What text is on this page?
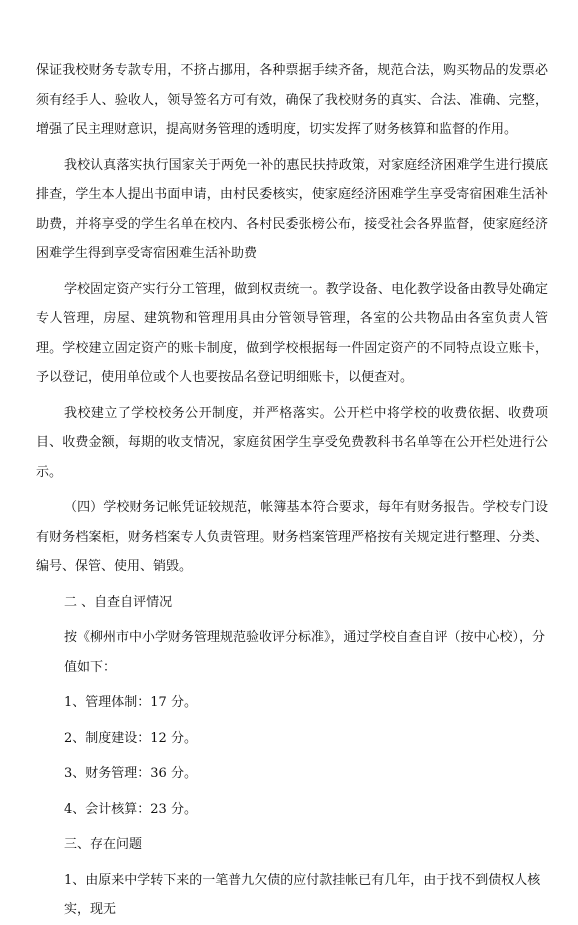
保证我校财务专款专用，不挤占挪用，各种票据手续齐备，规范合法，购买物品的发票必须有经手人、验收人，领导签名方可有效，确保了我校财务的真实、合法、准确、完整，增强了民主理财意识，提高财务管理的透明度，切实发挥了财务核算和监督的作用。

我校认真落实执行国家关于两免一补的惠民扶持政策，对家庭经济困难学生进行摸底排查，学生本人提出书面申请，由村民委核实，使家庭经济困难学生享受寄宿困难生活补助费，并将享受的学生名单在校内、各村民委张榜公布，接受社会各界监督，使家庭经济困难学生得到享受寄宿困难生活补助费

学校固定资产实行分工管理，做到权责统一。教学设备、电化教学设备由教导处确定专人管理，房屋、建筑物和管理用具由分管领导管理，各室的公共物品由各室负责人管理。学校建立固定资产的账卡制度，做到学校根据每一件固定资产的不同特点设立账卡，予以登记，使用单位或个人也要按品名登记明细账卡，以便查对。

我校建立了学校校务公开制度，并严格落实。公开栏中将学校的收费依据、收费项目、收费金额，每期的收支情况，家庭贫困学生享受免费教科书名单等在公开栏处进行公示。

（四）学校财务记帐凭证较规范，帐簿基本符合要求，每年有财务报告。学校专门设有财务档案柜，财务档案专人负责管理。财务档案管理严格按有关规定进行整理、分类、编号、保管、使用、销毁。

二 、自查自评情况

按《柳州市中小学财务管理规范验收评分标准》，通过学校自查自评（按中心校），分值如下：

1、管理体制：17 分。

2、制度建设：12 分。

3、财务管理：36 分。

4、会计核算：23 分。

三、存在问题

1、由原来中学转下来的一笔普九欠债的应付款挂帐已有几年，由于找不到债权人核实，现无
